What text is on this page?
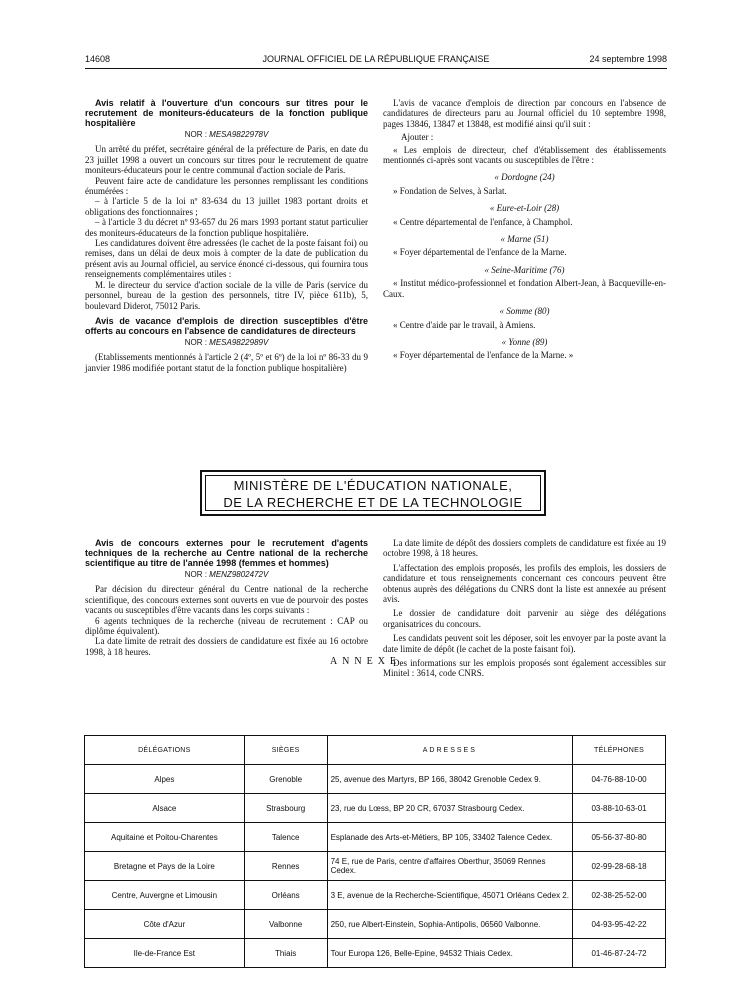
14608	JOURNAL OFFICIEL DE LA RÉPUBLIQUE FRANÇAISE	24 septembre 1998

Avis relatif à l'ouverture d'un concours sur titres pour le recrutement de moniteurs-éducateurs de la fonction publique hospitalière

NOR : MESA9822978V

Un arrêté du préfet, secrétaire général de la préfecture de Paris, en date du 23 juillet 1998 a ouvert un concours sur titres pour le recrutement de quatre moniteurs-éducateurs pour le centre communal d'action sociale de Paris.

Peuvent faire acte de candidature les personnes remplissant les conditions énumérées :

– à l'article 5 de la loi nº 83-634 du 13 juillet 1983 portant droits et obligations des fonctionnaires ;

– à l'article 3 du décret nº 93-657 du 26 mars 1993 portant statut particulier des moniteurs-éducateurs de la fonction publique hospitalière.

Les candidatures doivent être adressées (le cachet de la poste faisant foi) ou remises, dans un délai de deux mois à compter de la date de publication du présent avis au Journal officiel, au service énoncé ci-dessous, qui fournira tous renseignements complémentaires utiles :

M. le directeur du service d'action sociale de la ville de Paris (service du personnel, bureau de la gestion des personnels, titre IV, pièce 611b), 5, boulevard Diderot, 75012 Paris.

Avis de vacance d'emplois de direction susceptibles d'être offerts au concours en l'absence de candidatures de directeurs

NOR : MESA9822989V

(Etablissements mentionnés à l'article 2 (4º, 5º et 6º) de la loi nº 86-33 du 9 janvier 1986 modifiée portant statut de la fonction publique hospitalière)

L'avis de vacance d'emplois de direction par concours en l'absence de candidatures de directeurs paru au Journal officiel du 10 septembre 1998, pages 13846, 13847 et 13848, est modifié ainsi qu'il suit :

Ajouter :

« Les emplois de directeur, chef d'établissement des établissements mentionnés ci-après sont vacants ou susceptibles de l'être :

« Dordogne (24)

» Fondation de Selves, à Sarlat.

« Eure-et-Loir (28)

« Centre départemental de l'enfance, à Champhol.

« Marne (51)

« Foyer départemental de l'enfance de la Marne.

« Seine-Maritime (76)

« Institut médico-professionnel et fondation Albert-Jean, à Bacqueville-en-Caux.

« Somme (80)

« Centre d'aide par le travail, à Amiens.

« Yonne (89)

« Foyer départemental de l'enfance de la Marne. »

MINISTÈRE DE L'ÉDUCATION NATIONALE,
DE LA RECHERCHE ET DE LA TECHNOLOGIE

Avis de concours externes pour le recrutement d'agents techniques de la recherche au Centre national de la recherche scientifique au titre de l'année 1998 (femmes et hommes)

NOR : MENZ9802472V

Par décision du directeur général du Centre national de la recherche scientifique, des concours externes sont ouverts en vue de pourvoir des postes vacants ou susceptibles d'être vacants dans les corps suivants :

6 agents techniques de la recherche (niveau de recrutement : CAP ou diplôme équivalent).

La date limite de retrait des dossiers de candidature est fixée au 16 octobre 1998, à 18 heures.

La date limite de dépôt des dossiers complets de candidature est fixée au 19 octobre 1998, à 18 heures.

L'affectation des emplois proposés, les profils des emplois, les dossiers de candidature et tous renseignements concernant ces concours peuvent être obtenus auprès des délégations du CNRS dont la liste est annexée au présent avis.

Le dossier de candidature doit parvenir au siège des délégations organisatrices du concours.

Les candidats peuvent soit les déposer, soit les envoyer par la poste avant la date limite de dépôt (le cachet de la poste faisant foi).

Des informations sur les emplois proposés sont également accessibles sur Minitel : 3614, code CNRS.

ANNEXE
DÉLÉGATIONS	SIÈGES	ADRESSES	TÉLÉPHONES
Alpes	Grenoble	25, avenue des Martyrs, BP 166, 38042 Grenoble Cedex 9.	04-76-88-10-00
Alsace	Strasbourg	23, rue du Lœss, BP 20 CR, 67037 Strasbourg Cedex.	03-88-10-63-01
Aquitaine et Poitou-Charentes	Talence	Esplanade des Arts-et-Métiers, BP 105, 33402 Talence Cedex.	05-56-37-80-80
Bretagne et Pays de la Loire	Rennes	74 E, rue de Paris, centre d'affaires Oberthur, 35069 Rennes Cedex.	02-99-28-68-18
Centre, Auvergne et Limousin	Orléans	3 E, avenue de la Recherche-Scientifique, 45071 Orléans Cedex 2.	02-38-25-52-00
Côte d'Azur	Valbonne	250, rue Albert-Einstein, Sophia-Antipolis, 06560 Valbonne.	04-93-95-42-22
Ile-de-France Est	Thiais	Tour Europa 126, Belle-Epine, 94532 Thiais Cedex.	01-46-87-24-72
